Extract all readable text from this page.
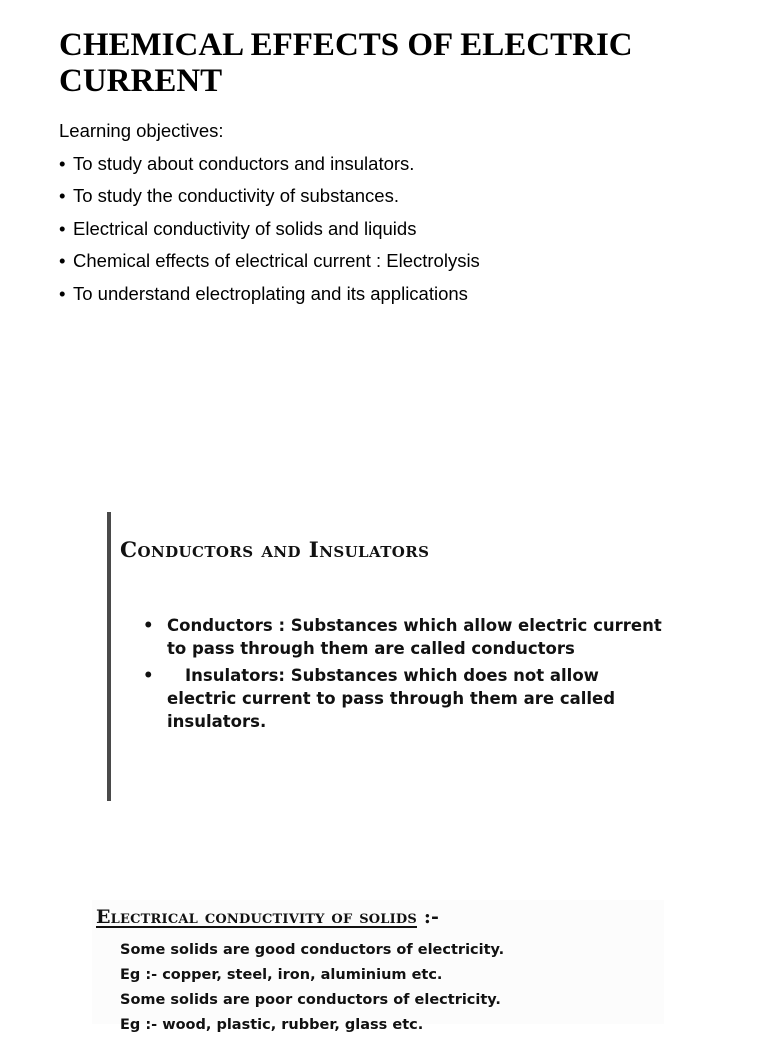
CHEMICAL EFFECTS OF ELECTRIC CURRENT
Learning objectives:
• To study about conductors and insulators.
• To study the conductivity of substances.
• Electrical conductivity of solids and liquids
• Chemical effects of electrical current : Electrolysis
• To understand electroplating and its applications
Conductors and Insulators
• Conductors : Substances which allow electric current to pass through them are called conductors
• Insulators: Substances which does not allow electric current to pass through them are called insulators.
Electrical conductivity of solids :-
Some solids are good conductors of electricity.
Eg :- copper, steel, iron, aluminium etc.
Some solids are poor conductors of electricity.
Eg :- wood, plastic, rubber, glass etc.
